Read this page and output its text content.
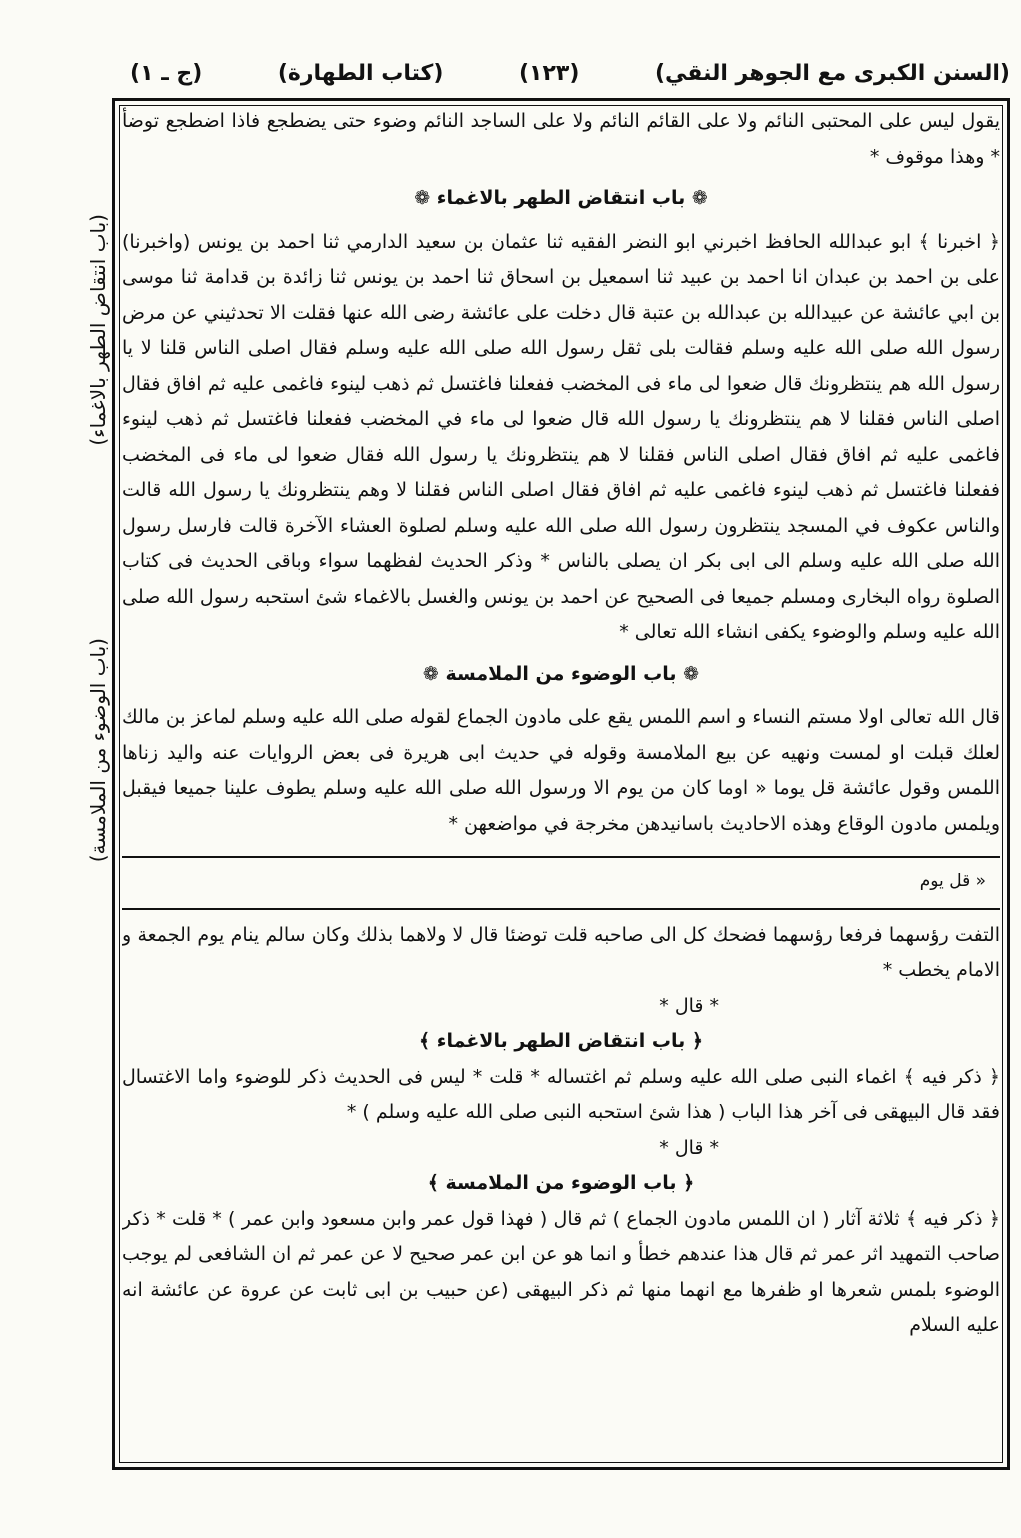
(السنن الكبرى مع الجوهر النقي)
(١٢٣)
(كتاب الطهارة)
(ج ـ ١)
(باب انتقاض الطهر بالاغماء)
(باب الوضوء من الملامسة)

يقول ليس على المحتبى النائم ولا على القائم النائم ولا على الساجد النائم وضوء حتى يضطجع فاذا اضطجع توضأ * وهذا موقوف *

❁ باب انتقاض الطهر بالاغماء ❁

﴿ اخبرنا ﴾ ابو عبدالله الحافظ اخبرني ابو النضر الفقيه ثنا عثمان بن سعيد الدارمي ثنا احمد بن يونس (واخبرنا) على بن احمد بن عبدان انا احمد بن عبيد ثنا اسمعيل بن اسحاق ثنا احمد بن يونس ثنا زائدة بن قدامة ثنا موسى بن ابي عائشة عن عبيدالله بن عبدالله بن عتبة قال دخلت على عائشة رضى الله عنها فقلت الا تحدثيني عن مرض رسول الله صلى الله عليه وسلم فقالت بلى ثقل رسول الله صلى الله عليه وسلم فقال اصلى الناس قلنا لا يا رسول الله هم ينتظرونك قال ضعوا لى ماء فى المخضب ففعلنا فاغتسل ثم ذهب لينوء فاغمى عليه ثم افاق فقال اصلى الناس فقلنا لا هم ينتظرونك يا رسول الله قال ضعوا لى ماء في المخضب ففعلنا فاغتسل ثم ذهب لينوء فاغمى عليه ثم افاق فقال اصلى الناس فقلنا لا هم ينتظرونك يا رسول الله فقال ضعوا لى ماء فى المخضب ففعلنا فاغتسل ثم ذهب لينوء فاغمى عليه ثم افاق فقال اصلى الناس فقلنا لا وهم ينتظرونك يا رسول الله قالت والناس عكوف في المسجد ينتظرون رسول الله صلى الله عليه وسلم لصلوة العشاء الآخرة قالت فارسل رسول الله صلى الله عليه وسلم الى ابى بكر ان يصلى بالناس * وذكر الحديث لفظهما سواء وباقى الحديث فى كتاب الصلوة رواه البخارى ومسلم جميعا فى الصحيح عن احمد بن يونس والغسل بالاغماء شئ استحبه رسول الله صلى الله عليه وسلم والوضوء يكفى انشاء الله تعالى *

❁ باب الوضوء من الملامسة ❁

قال الله تعالى اولا مستم النساء و اسم اللمس يقع على مادون الجماع لقوله صلى الله عليه وسلم لماعز بن مالك لعلك قبلت او لمست ونهيه عن بيع الملامسة وقوله في حديث ابى هريرة فى بعض الروايات عنه واليد زناها اللمس وقول عائشة قل يوما « اوما كان من يوم الا ورسول الله صلى الله عليه وسلم يطوف علينا جميعا فيقبل ويلمس مادون الوقاع وهذه الاحاديث باسانيدهن مخرجة في مواضعهن *

« قل يوم

التفت رؤسهما فرفعا رؤسهما فضحك كل الى صاحبه قلت توضئا قال لا ولاهما بذلك وكان سالم ينام يوم الجمعة و الامام يخطب *

* قال *

﴿ باب انتقاض الطهر بالاغماء ﴾

﴿ ذكر فيه ﴾ اغماء النبى صلى الله عليه وسلم ثم اغتساله * قلت * ليس فى الحديث ذكر للوضوء واما الاغتسال فقد قال البيهقى فى آخر هذا الباب ( هذا شئ استحبه النبى صلى الله عليه وسلم ) *

* قال *

﴿ باب الوضوء من الملامسة ﴾

﴿ ذكر فيه ﴾ ثلاثة آثار ( ان اللمس مادون الجماع ) ثم قال ( فهذا قول عمر وابن مسعود وابن عمر ) * قلت * ذكر صاحب التمهيد اثر عمر ثم قال هذا عندهم خطأ و انما هو عن ابن عمر صحيح لا عن عمر ثم ان الشافعى لم يوجب الوضوء بلمس شعرها او ظفرها مع انهما منها ثم ذكر البيهقى (عن حبيب بن ابى ثابت عن عروة عن عائشة انه عليه السلام
